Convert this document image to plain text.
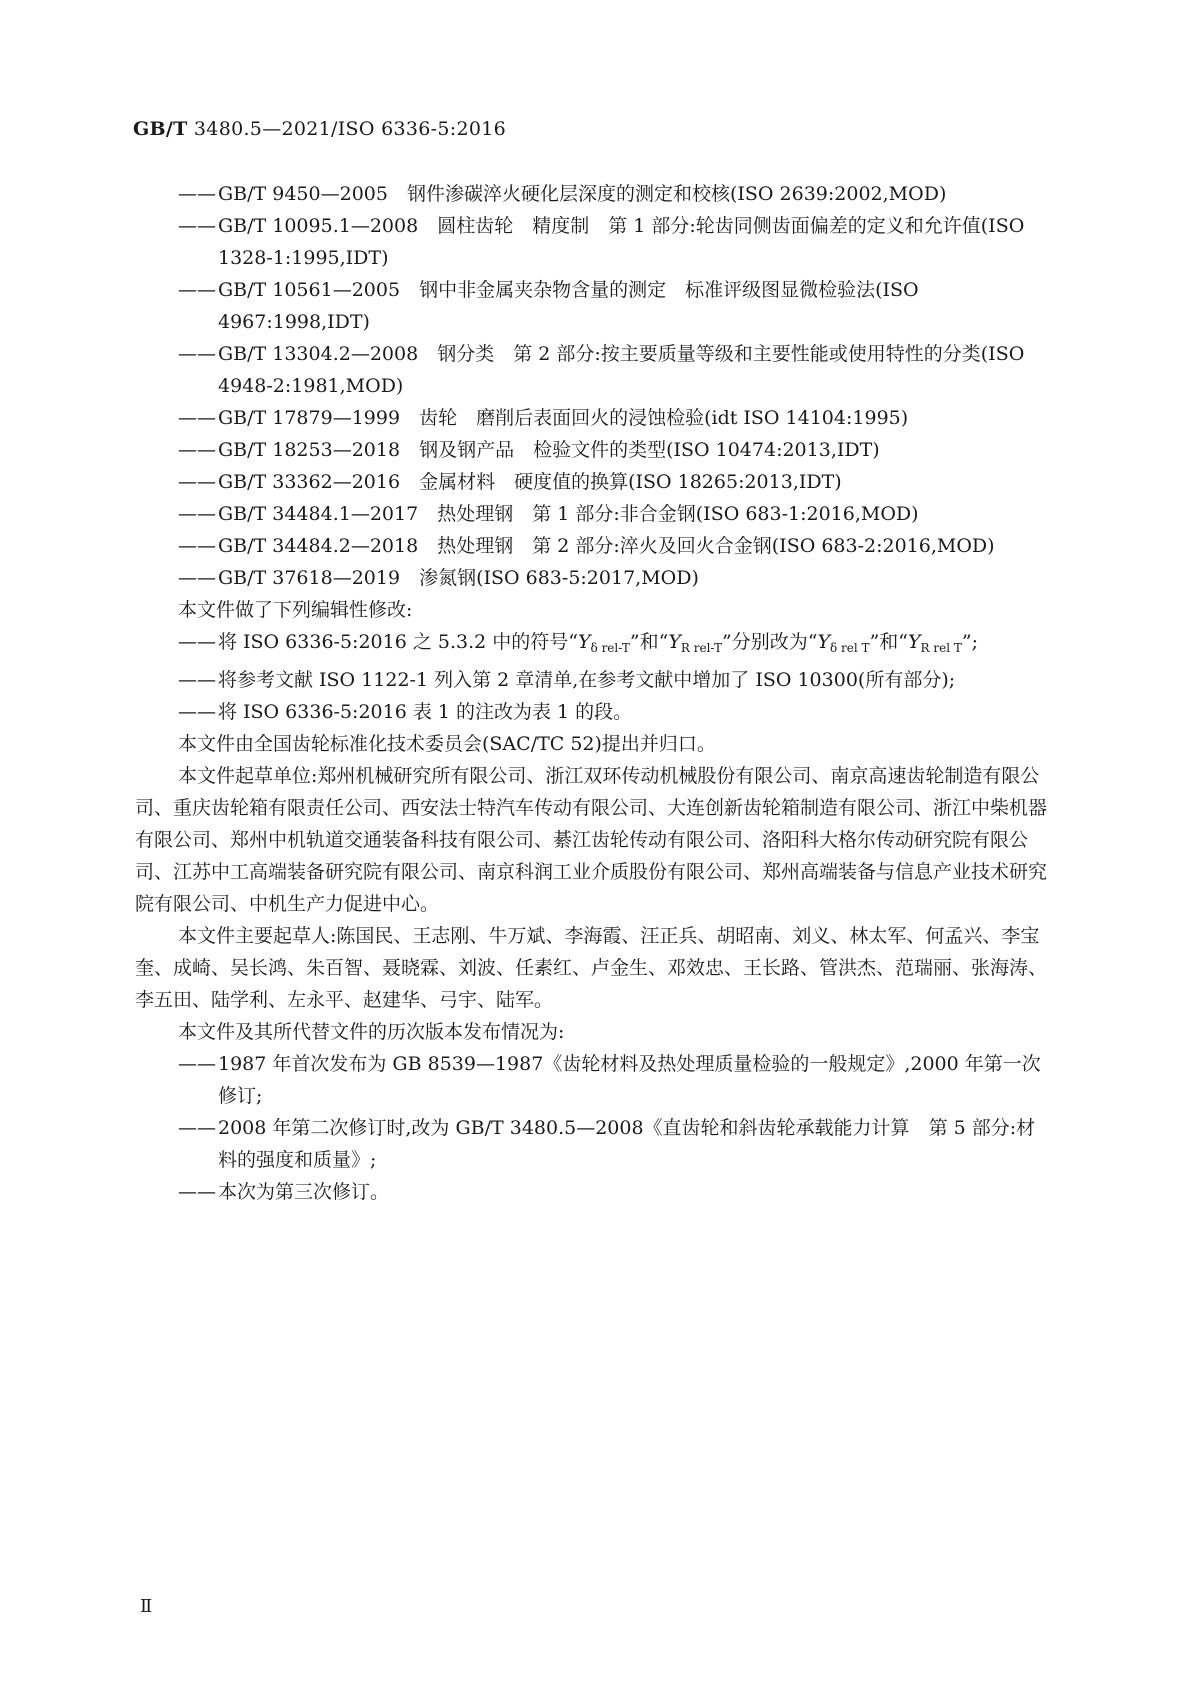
GB/T 3480.5—2021/ISO 6336-5:2016

—— GB/T 9450—2005　 钢件渗碳淬火硬化层深度的测定和校核(ISO 2639:2002,MOD)

—— GB/T 10095.1—2008　 圆柱齿轮　精度制　第 1 部分:轮齿同侧齿面偏差的定义和允许值(ISO 1328-1:1995,IDT)

—— GB/T 10561—2005　 钢中非金属夹杂物含量的测定　标准评级图显微检验法(ISO 4967:1998,IDT)

—— GB/T 13304.2—2008　 钢分类　第 2 部分:按主要质量等级和主要性能或使用特性的分类(ISO 4948-2:1981,MOD)

—— GB/T 17879—1999　 齿轮　磨削后表面回火的浸蚀检验(idt ISO 14104:1995)

—— GB/T 18253—2018　 钢及钢产品　检验文件的类型(ISO 10474:2013,IDT)

—— GB/T 33362—2016　 金属材料　硬度值的换算(ISO 18265:2013,IDT)

—— GB/T 34484.1—2017　 热处理钢　第 1 部分:非合金钢(ISO 683-1:2016,MOD)

—— GB/T 34484.2—2018　 热处理钢　第 2 部分:淬火及回火合金钢(ISO 683-2:2016,MOD)

—— GB/T 37618—2019　 渗氮钢(ISO 683-5:2017,MOD)

本文件做了下列编辑性修改:

—— 将 ISO 6336-5:2016 之 5.3.2 中的符号“$Y_{\delta rel-T}$”和“$Y_{R rel-T}$”分别改为“$Y_{\delta rel T}$”和“$Y_{R rel T}$”;

—— 将参考文献 ISO 1122-1 列入第 2 章清单,在参考文献中增加了 ISO 10300(所有部分);

—— 将 ISO 6336-5:2016 表 1 的注改为表 1 的段。

本文件由全国齿轮标准化技术委员会(SAC/TC 52)提出并归口。

本文件起草单位:郑州机械研究所有限公司、浙江双环传动机械股份有限公司、南京高速齿轮制造有限公司、重庆齿轮箱有限责任公司、西安法士特汽车传动有限公司、大连创新齿轮箱制造有限公司、浙江中柴机器有限公司、郑州中机轨道交通装备科技有限公司、綦江齿轮传动有限公司、洛阳科大格尔传动研究院有限公司、江苏中工高端装备研究院有限公司、南京科润工业介质股份有限公司、郑州高端装备与信息产业技术研究院有限公司、中机生产力促进中心。

本文件主要起草人:陈国民、王志刚、牛万斌、李海霞、汪正兵、胡昭南、刘义、林太军、何孟兴、李宝奎、成崎、吴长鸿、朱百智、聂晓霖、刘波、任素红、卢金生、邓效忠、王长路、管洪杰、范瑞丽、张海涛、李五田、陆学利、左永平、赵建华、弓宇、陆军。

本文件及其所代替文件的历次版本发布情况为:

—— 1987 年首次发布为 GB 8539—1987《齿轮材料及热处理质量检验的一般规定》,2000 年第一次修订;

—— 2008 年第二次修订时,改为 GB/T 3480.5—2008《直齿轮和斜齿轮承载能力计算　第 5 部分:材料的强度和质量》;

—— 本次为第三次修订。

Ⅱ
